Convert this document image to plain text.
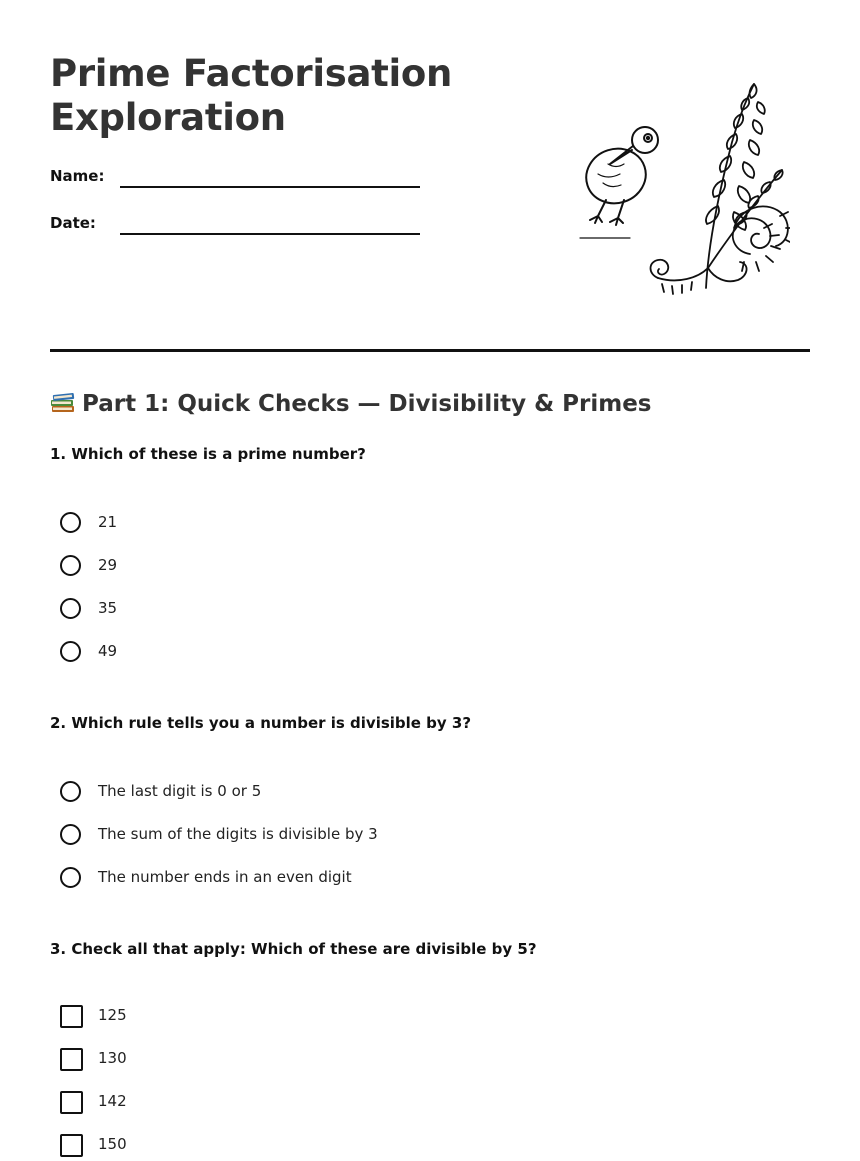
Prime Factorisation
Exploration
Name:
Date:
Part 1: Quick Checks — Divisibility & Primes

1. Which of these is a prime number?

21
29
35
49

2. Which rule tells you a number is divisible by 3?

The last digit is 0 or 5
The sum of the digits is divisible by 3
The number ends in an even digit

3. Check all that apply: Which of these are divisible by 5?

125
130
142
150
